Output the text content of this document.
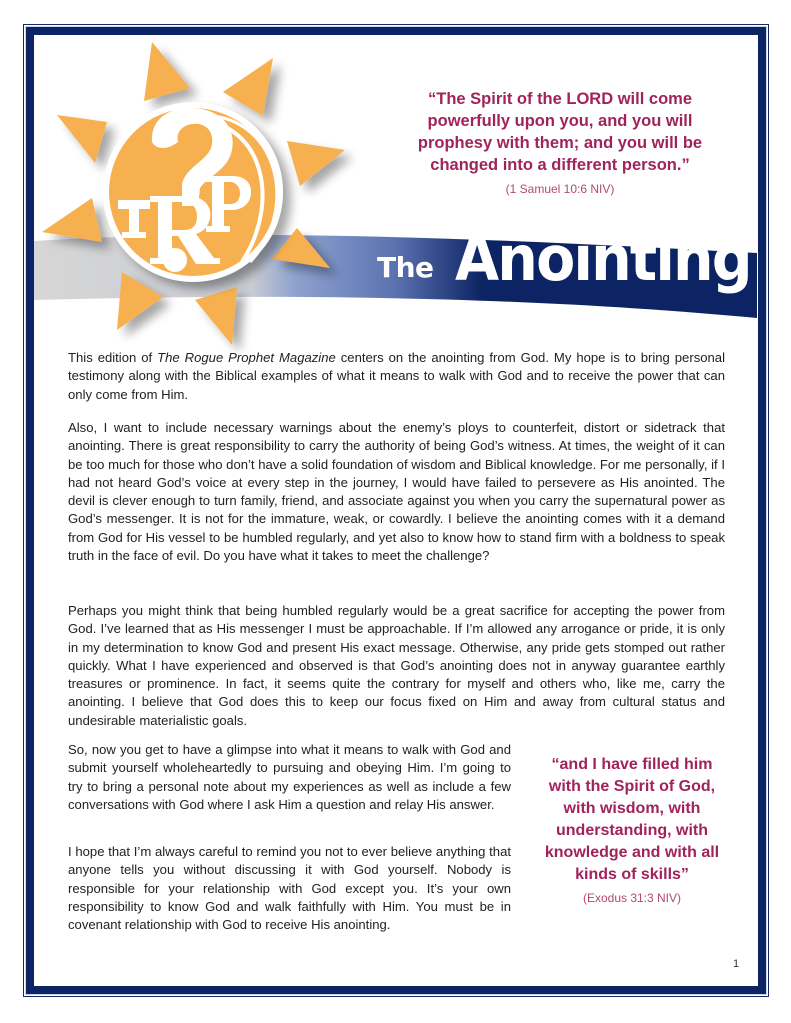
The Anointing
“The Spirit of the LORD will come powerfully upon you, and you will prophesy with them; and you will be changed into a different person.”
(1 Samuel 10:6 NIV)

This edition of The Rogue Prophet Magazine centers on the anointing from God. My hope is to bring personal testimony along with the Biblical examples of what it means to walk with God and to receive the power that can only come from Him.

Also, I want to include necessary warnings about the enemy’s ploys to counterfeit, distort or sidetrack that anointing. There is great responsibility to carry the authority of being God’s witness. At times, the weight of it can be too much for those who don’t have a solid foundation of wisdom and Biblical knowledge. For me personally, if I had not heard God’s voice at every step in the journey, I would have failed to persevere as His anointed. The devil is clever enough to turn family, friend, and associate against you when you carry the supernatural power as God’s messenger. It is not for the immature, weak, or cowardly. I believe the anointing comes with it a demand from God for His vessel to be humbled regularly, and yet also to know how to stand firm with a boldness to speak truth in the face of evil. Do you have what it takes to meet the challenge?

Perhaps you might think that being humbled regularly would be a great sacrifice for accepting the power from God. I’ve learned that as His messenger I must be approachable. If I’m allowed any arrogance or pride, it is only in my determination to know God and present His exact message. Otherwise, any pride gets stomped out rather quickly. What I have experienced and observed is that God’s anointing does not in anyway guarantee earthly treasures or prominence. In fact, it seems quite the contrary for myself and others who, like me, carry the anointing. I believe that God does this to keep our focus fixed on Him and away from cultural status and undesirable materialistic goals.

So, now you get to have a glimpse into what it means to walk with God and submit yourself wholeheartedly to pursuing and obeying Him. I’m going to try to bring a personal note about my experiences as well as include a few conversations with God where I ask Him a question and relay His answer.

I hope that I’m always careful to remind you not to ever believe anything that anyone tells you without discussing it with God yourself. Nobody is responsible for your relationship with God except you. It’s your own responsibility to know God and walk faithfully with Him. You must be in covenant relationship with God to receive His anointing.

“and I have filled him with the Spirit of God, with wisdom, with understanding, with knowledge and with all kinds of skills”
(Exodus 31:3 NIV)
1
